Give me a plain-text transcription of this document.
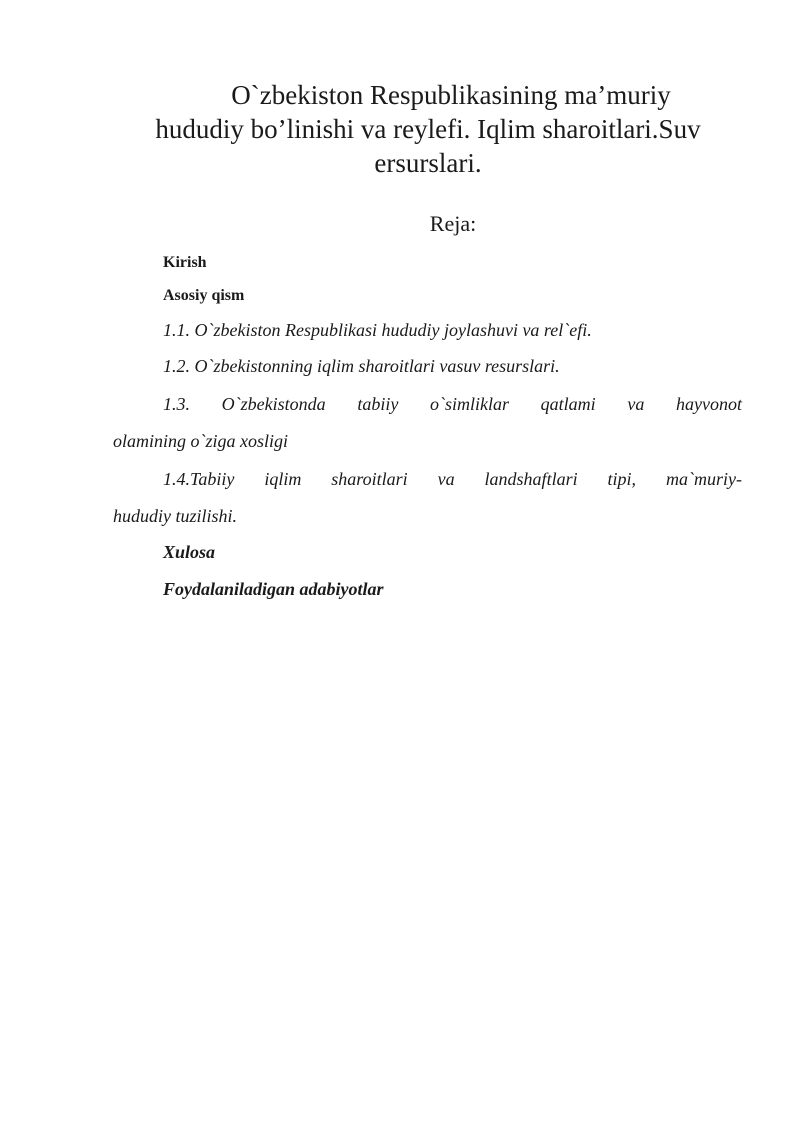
O`zbekiston Respublikasining ma’muriy
hududiy bo’linishi va reylefi. Iqlim sharoitlari.Suv
ersurslari.
Reja:
Kirish
Asosiy qism
1.1. O`zbekiston Respublikasi hududiy joylashuvi va rel`efi.
1.2. O`zbekistonning iqlim sharoitlari vasuv resurslari.
1.3. O`zbekistonda tabiiy o`simliklar qatlami va hayvonot
olamining o`ziga xosligi
1.4.Tabiiy iqlim sharoitlari va landshaftlari tipi, ma`muriy-
hududiy tuzilishi.
Xulosa
Foydalaniladigan adabiyotlar
